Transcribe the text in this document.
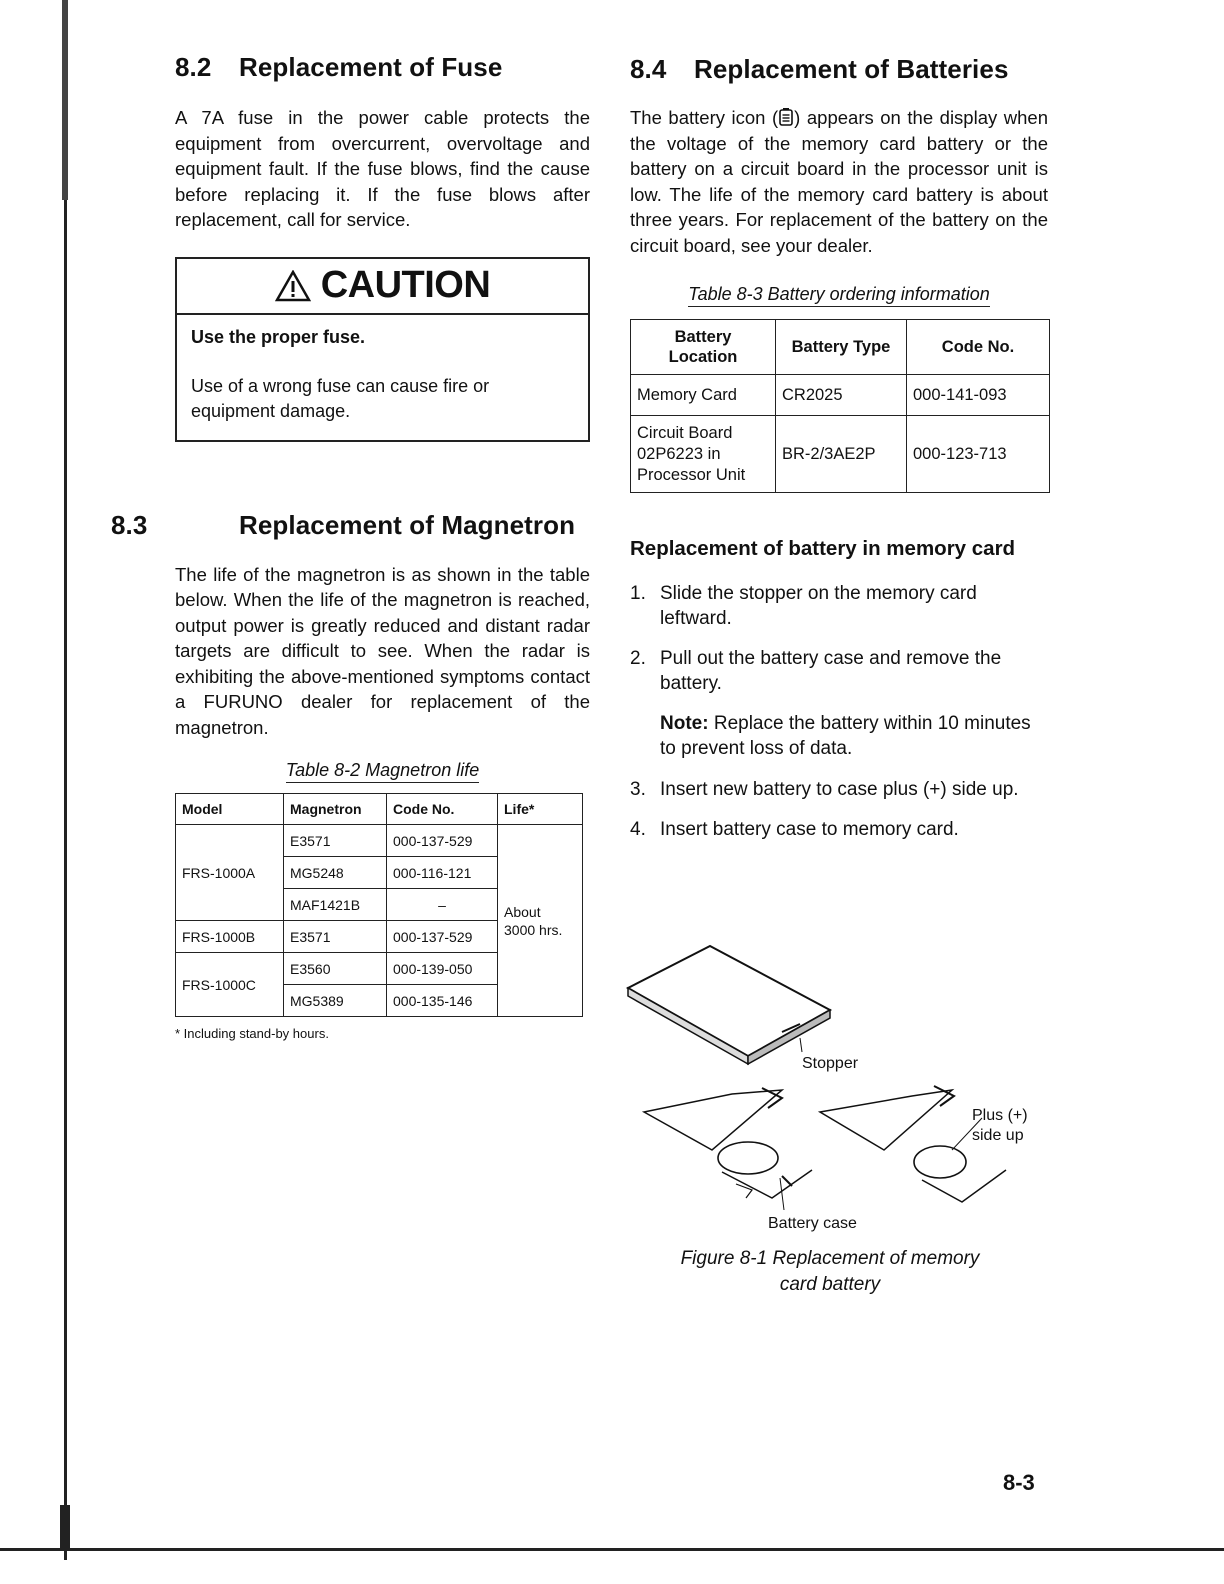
8.2 Replacement of Fuse

A 7A fuse in the power cable protects the equipment from overcurrent, overvoltage and equipment fault. If the fuse blows, find the cause before replacing it. If the fuse blows after replacement, call for service.

CAUTION
Use the proper fuse.
Use of a wrong fuse can cause fire or equipment damage.
8.3	Replacement of Magnetron

The life of the magnetron is as shown in the table below. When the life of the magnetron is reached, output power is greatly reduced and distant radar targets are difficult to see. When the radar is exhibiting the above-mentioned symptoms contact a FURUNO dealer for replacement of the magnetron.

Table 8-2 Magnetron life
Model	Magnetron	Code No.	Life*
FRS-1000A	E3571	000-137-529	About 3000 hrs.

	MG5248	000-116-121	
	MAF1421B	–	
FRS-1000B	E3571	000-137-529	
FRS-1000C	E3560	000-139-050	
	MG5389	000-135-146	
* Including stand-by hours.
8.4 Replacement of Batteries

The battery icon ( ) appears on the display when the voltage of the memory card battery or the battery on a circuit board in the processor unit is low. The life of the memory card battery is about three years. For replacement of the battery on the circuit board, see your dealer.

Table 8-3 Battery ordering information
Battery Location	Battery Type	Code No.
Memory Card	CR2025	000-141-093

Circuit Board 02P6223 in Processor Unit	BR-2/3AE2P	000-123-713
Replacement of battery in memory card
1. Slide the stopper on the memory card leftward.
2. Pull out the battery case and remove the battery.

Note: Replace the battery within 10 minutes to prevent loss of data.

3. Insert new battery to case plus (+) side up.
4. Insert battery case to memory card.
Stopper
Plus (+)
side up
Battery case
Figure 8-1 Replacement of memory
card battery
8-3
